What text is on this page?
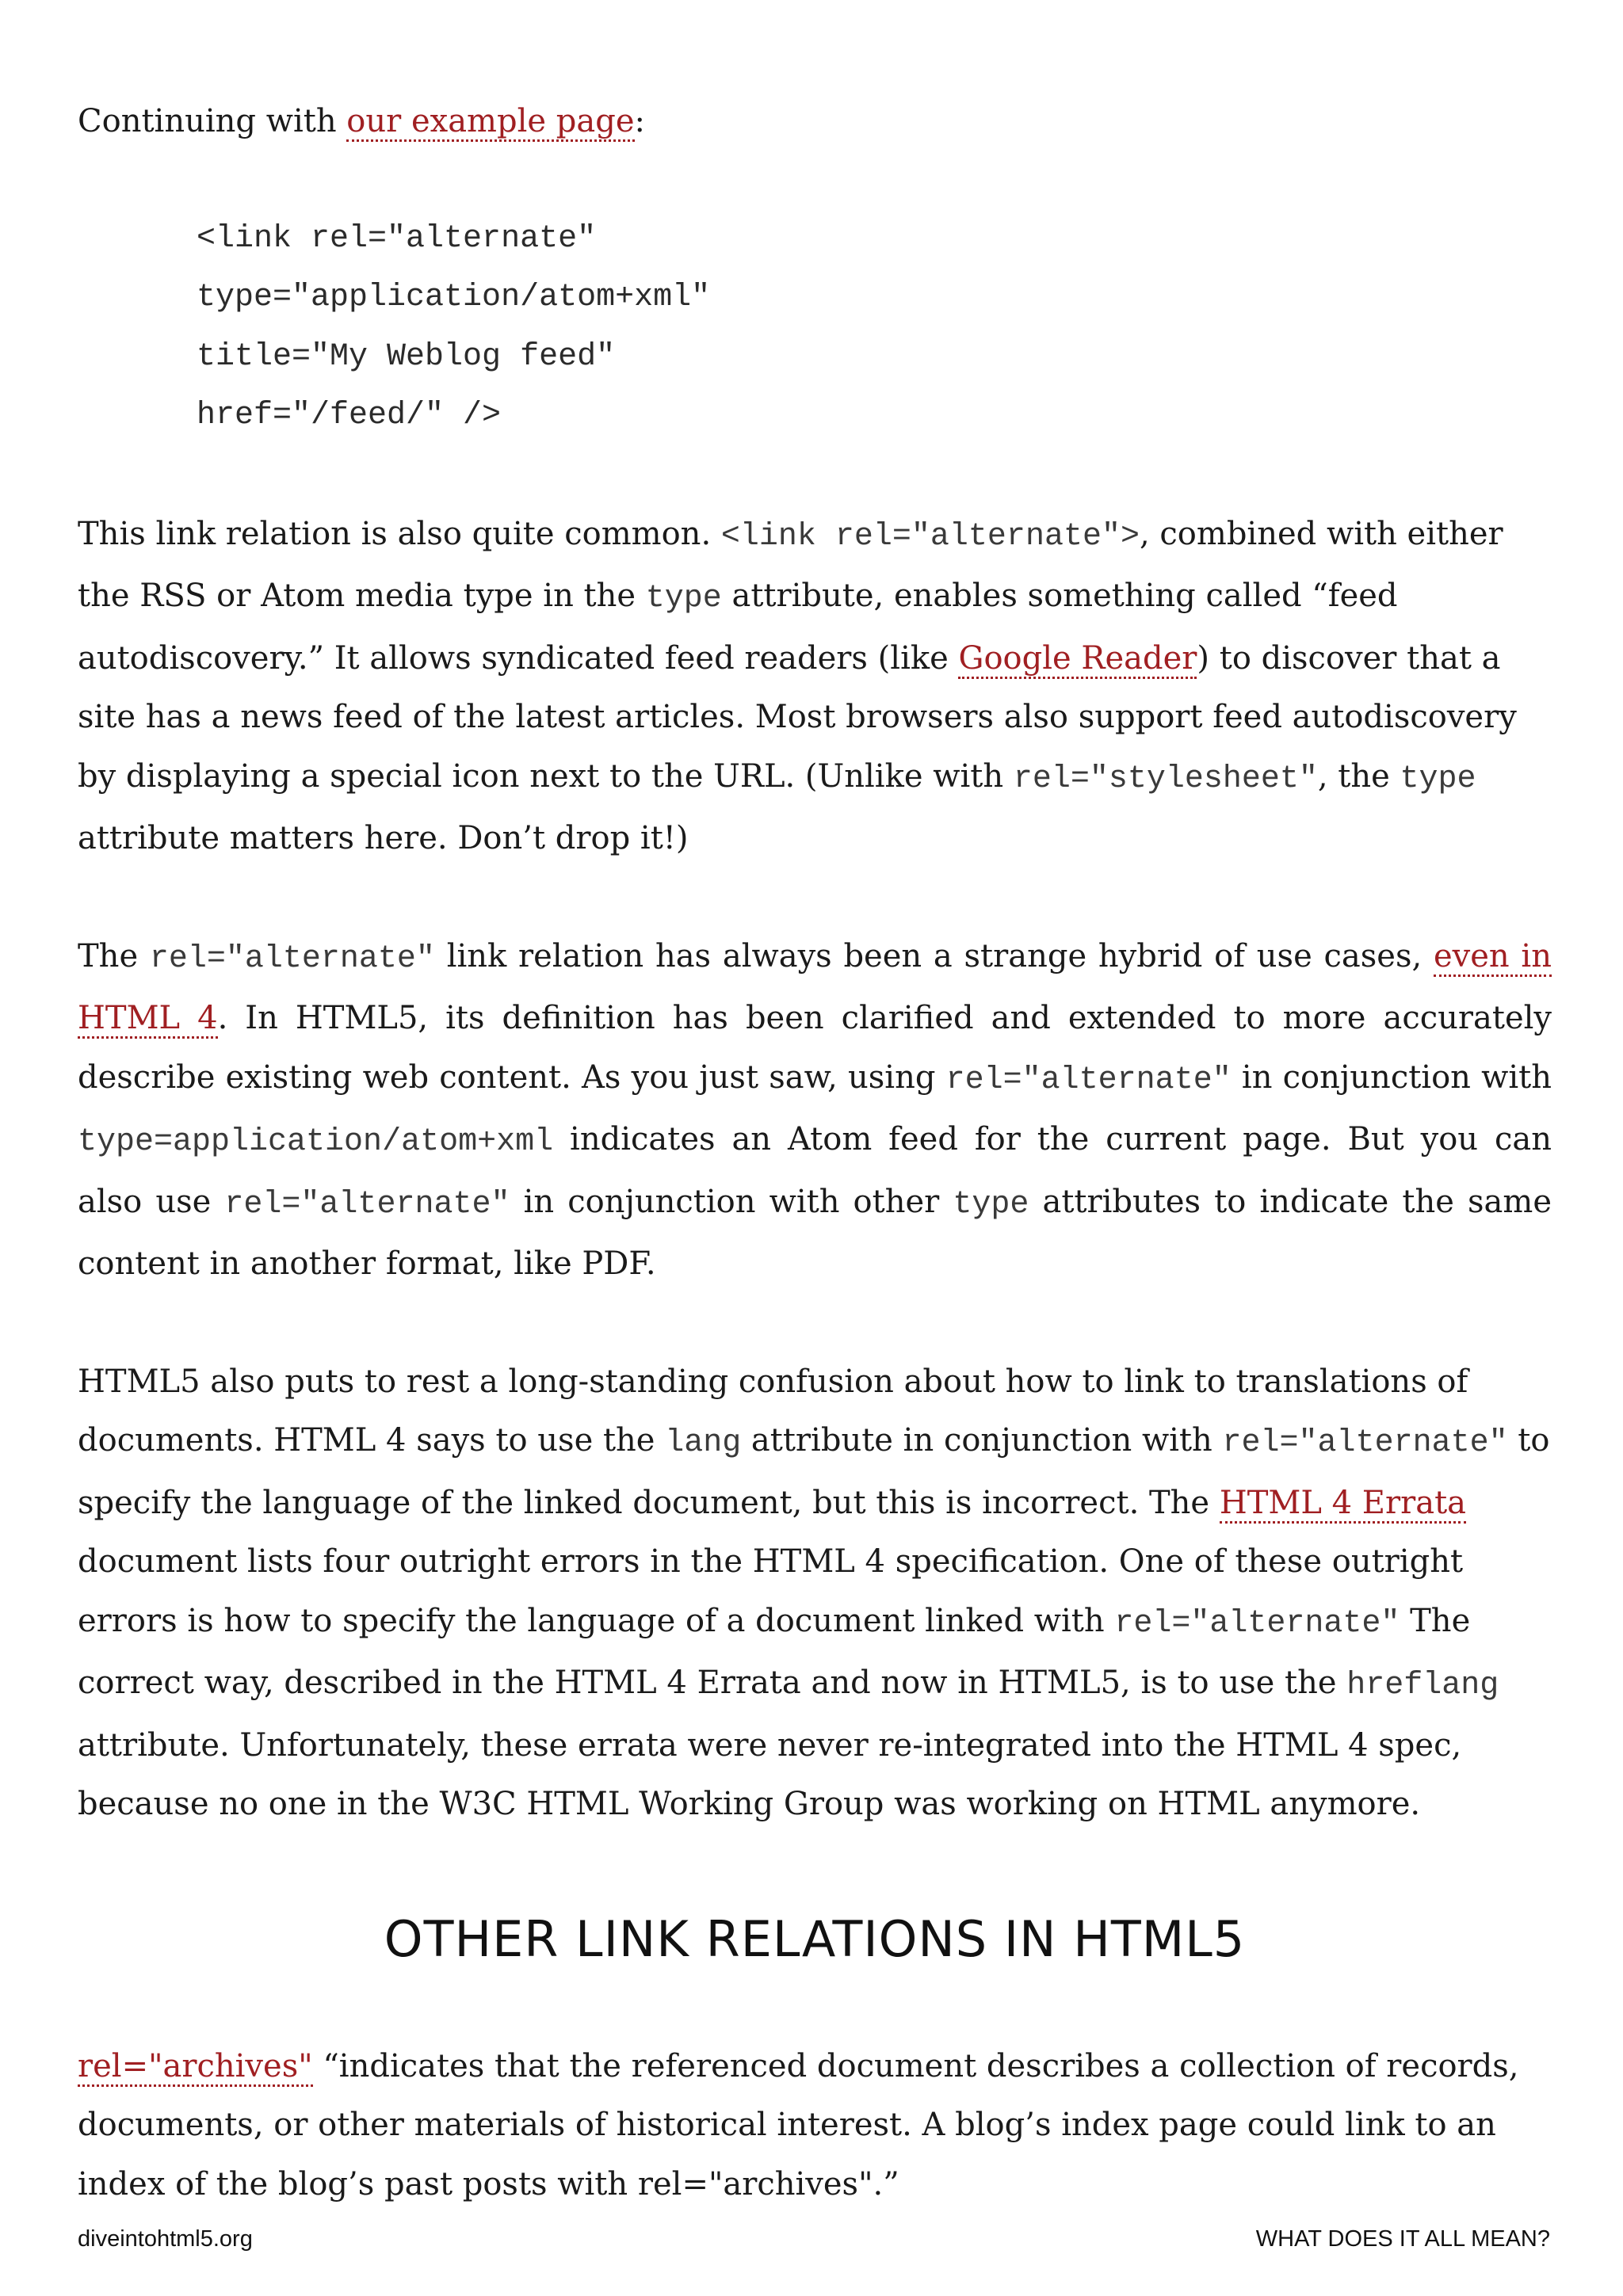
Continuing with our example page:

<link rel="alternate"
type="application/atom+xml"
title="My Weblog feed"
href="/feed/" />

This link relation is also quite common. <link rel="alternate">, combined with either the RSS or Atom media type in the type attribute, enables something called “feed autodiscovery.” It allows syndicated feed readers (like Google Reader) to discover that a site has a news feed of the latest articles. Most browsers also support feed autodiscovery by displaying a special icon next to the URL. (Unlike with rel="stylesheet", the type attribute matters here. Don’t drop it!)

The rel="alternate" link relation has always been a strange hybrid of use cases, even in HTML 4. In HTML5, its definition has been clarified and extended to more accurately describe existing web content. As you just saw, using rel="alternate" in conjunction with type=application/atom+xml indicates an Atom feed for the current page. But you can also use rel="alternate" in conjunction with other type attributes to indicate the same content in another format, like PDF.

HTML5 also puts to rest a long-standing confusion about how to link to translations of documents. HTML 4 says to use the lang attribute in conjunction with rel="alternate" to specify the language of the linked document, but this is incorrect. The HTML 4 Errata document lists four outright errors in the HTML 4 specification. One of these outright errors is how to specify the language of a document linked with rel="alternate" The correct way, described in the HTML 4 Errata and now in HTML5, is to use the hreflang attribute. Unfortunately, these errata were never re-integrated into the HTML 4 spec, because no one in the W3C HTML Working Group was working on HTML anymore.

OTHER LINK RELATIONS IN HTML5

rel="archives" “indicates that the referenced document describes a collection of records, documents, or other materials of historical interest. A blog’s index page could link to an index of the blog’s past posts with rel="archives".”

diveintohtml5.org	WHAT DOES IT ALL MEAN?
